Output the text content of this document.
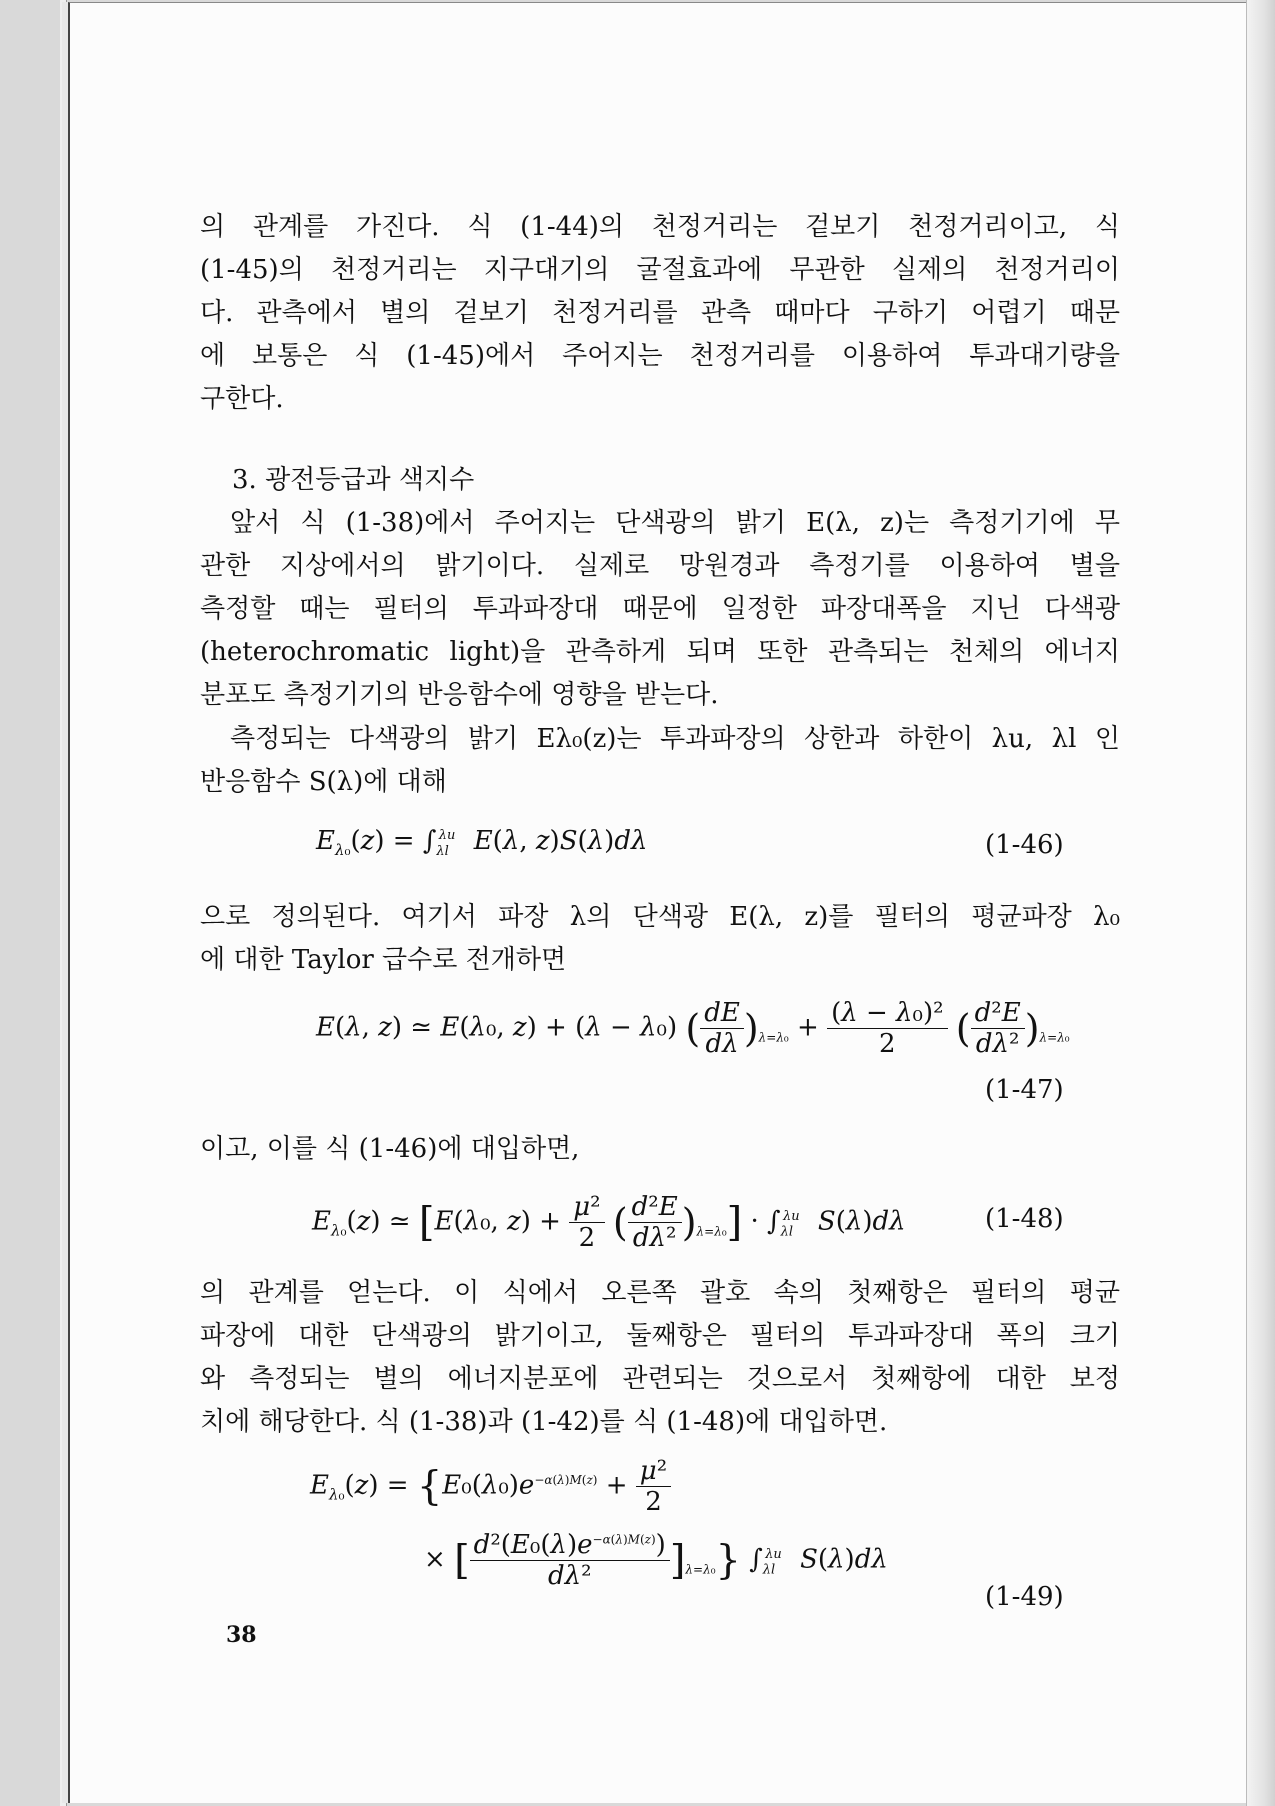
의 관계를 가진다. 식 (1-44)의 천정거리는 겉보기 천정거리이고, 식
(1-45)의 천정거리는 지구대기의 굴절효과에 무관한 실제의 천정거리이
다. 관측에서 별의 겉보기 천정거리를 관측 때마다 구하기 어렵기 때문
에 보통은 식 (1-45)에서 주어지는 천정거리를 이용하여 투과대기량을
구한다.
3. 광전등급과 색지수
앞서 식 (1-38)에서 주어지는 단색광의 밝기 E(λ, z)는 측정기기에 무
관한 지상에서의 밝기이다. 실제로 망원경과 측정기를 이용하여 별을
측정할 때는 필터의 투과파장대 때문에 일정한 파장대폭을 지닌 다색광
(heterochromatic light)을 관측하게 되며 또한 관측되는 천체의 에너지
분포도 측정기기의 반응함수에 영향을 받는다.
측정되는 다색광의 밝기 Eλ₀(z)는 투과파장의 상한과 하한이 λu, λl 인
반응함수 S(λ)에 대해
$E_{\lambda_0}(z) = \int_{\lambda l}^{\lambda u}$ E(λ, z)S(λ)dλ	(1-46)
으로 정의된다. 여기서 파장 λ의 단색광 E(λ, z)를 필터의 평균파장 λ₀
에 대한 Taylor 급수로 전개하면
E(λ, z) ≃ E(λ₀, z) + (λ − λ₀) ( $\frac{dE}{d\lambda} )_{\lambda=\lambda_0} + \frac{\text{(λ − λ₀)²}}{2}$ ( $\frac{\text{d²E}}{\text{dλ²}} )_{\lambda=\lambda_0}$
(1-47)
이고, 이를 식 (1-46)에 대입하면,
$E_{\lambda_0}(z)$ ≃ [E(λ₀, $z) + \frac{\text{μ²}}{2}$ ( $\frac{\text{d²E}}{\text{dλ²}} )_{\lambda=\lambda_0}] \cdot \int_{\lambda l}^{\lambda u}$ S(λ)dλ	(1-48)
의 관계를 얻는다. 이 식에서 오른쪽 괄호 속의 첫째항은 필터의 평균
파장에 대한 단색광의 밝기이고, 둘째항은 필터의 투과파장대 폭의 크기
와 측정되는 별의 에너지분포에 관련되는 것으로서 첫째항에 대한 보정
치에 해당한다. 식 (1-38)과 (1-42)를 식 (1-48)에 대입하면.
$E_{\lambda_0}(z) = \{E_0(\lambda_0)e^{-\alpha(\lambda)M(z)} + \frac{\text{μ²}}{2}$
× [ $\frac{d^2(E_0(\lambda)e^{-\alpha(\lambda)M(z)})}{\text{dλ²}} ]_{\lambda=\lambda_0}$} $\int_{\lambda l}^{\lambda u}$ S(λ)dλ
(1-49)
38
